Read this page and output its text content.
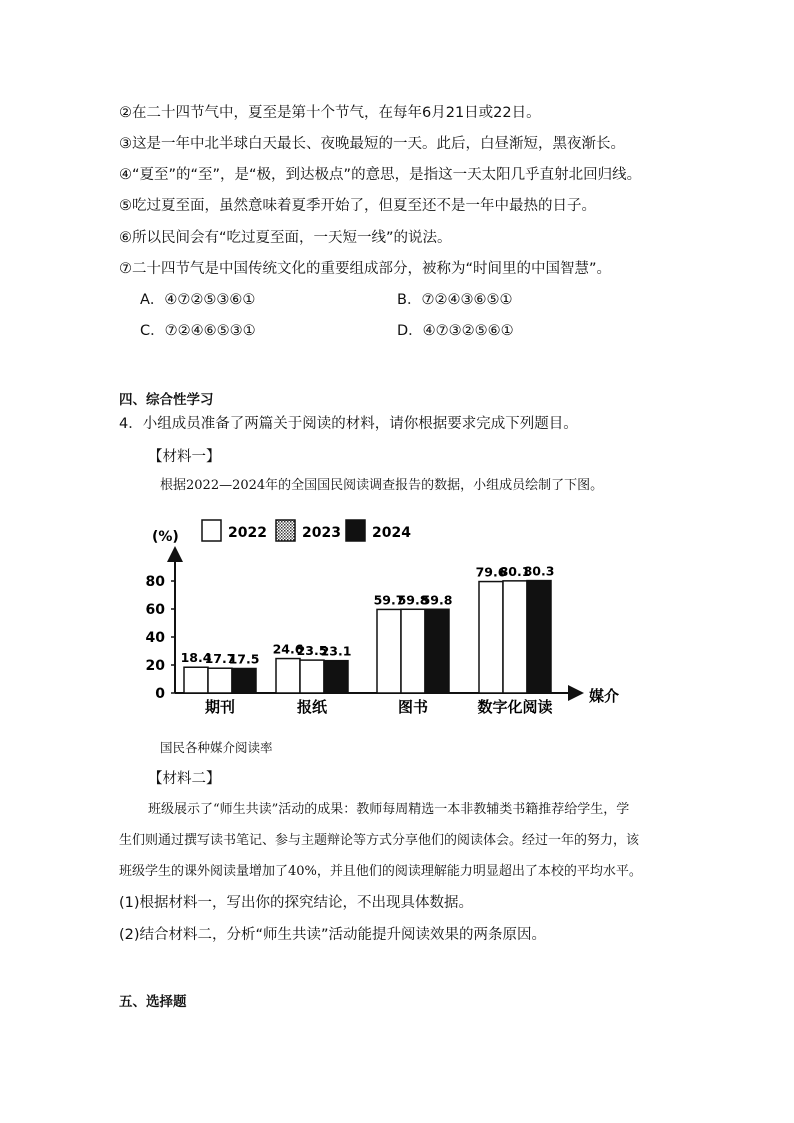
②在二十四节气中，夏至是第十个节气，在每年6月21日或22日。
③这是一年中北半球白天最长、夜晚最短的一天。此后，白昼渐短，黑夜渐长。
④“夏至”的“至”，是“极，到达极点”的意思，是指这一天太阳几乎直射北回归线。
⑤吃过夏至面，虽然意味着夏季开始了，但夏至还不是一年中最热的日子。
⑥所以民间会有“吃过夏至面，一天短一线”的说法。
⑦二十四节气是中国传统文化的重要组成部分，被称为“时间里的中国智慧”。
A．④⑦②⑤③⑥①	B．⑦②④③⑥⑤①
C．⑦②④⑥⑤③①	D．④⑦③②⑤⑥①
四、综合性学习
4．小组成员准备了两篇关于阅读的材料，请你根据要求完成下列题目。
【材料一】
根据2022—2024年的全国国民阅读调查报告的数据，小组成员绘制了下图。
(%)
媒介
0
20
40
60
80
2022	2023 2024
18.4
17.7
17.5
期刊
24.6
23.5
23.1
报纸
59.7
59.8
59.8
图书
79.6
80.1
80.3
数字化阅读
国民各种媒介阅读率
【材料二】
班级展示了“师生共读”活动的成果：教师每周精选一本非教辅类书籍推荐给学生，学
生们则通过撰写读书笔记、参与主题辩论等方式分享他们的阅读体会。经过一年的努力，该
班级学生的课外阅读量增加了40%，并且他们的阅读理解能力明显超出了本校的平均水平。
(1)根据材料一，写出你的探究结论，不出现具体数据。
(2)结合材料二，分析“师生共读”活动能提升阅读效果的两条原因。
五、选择题
